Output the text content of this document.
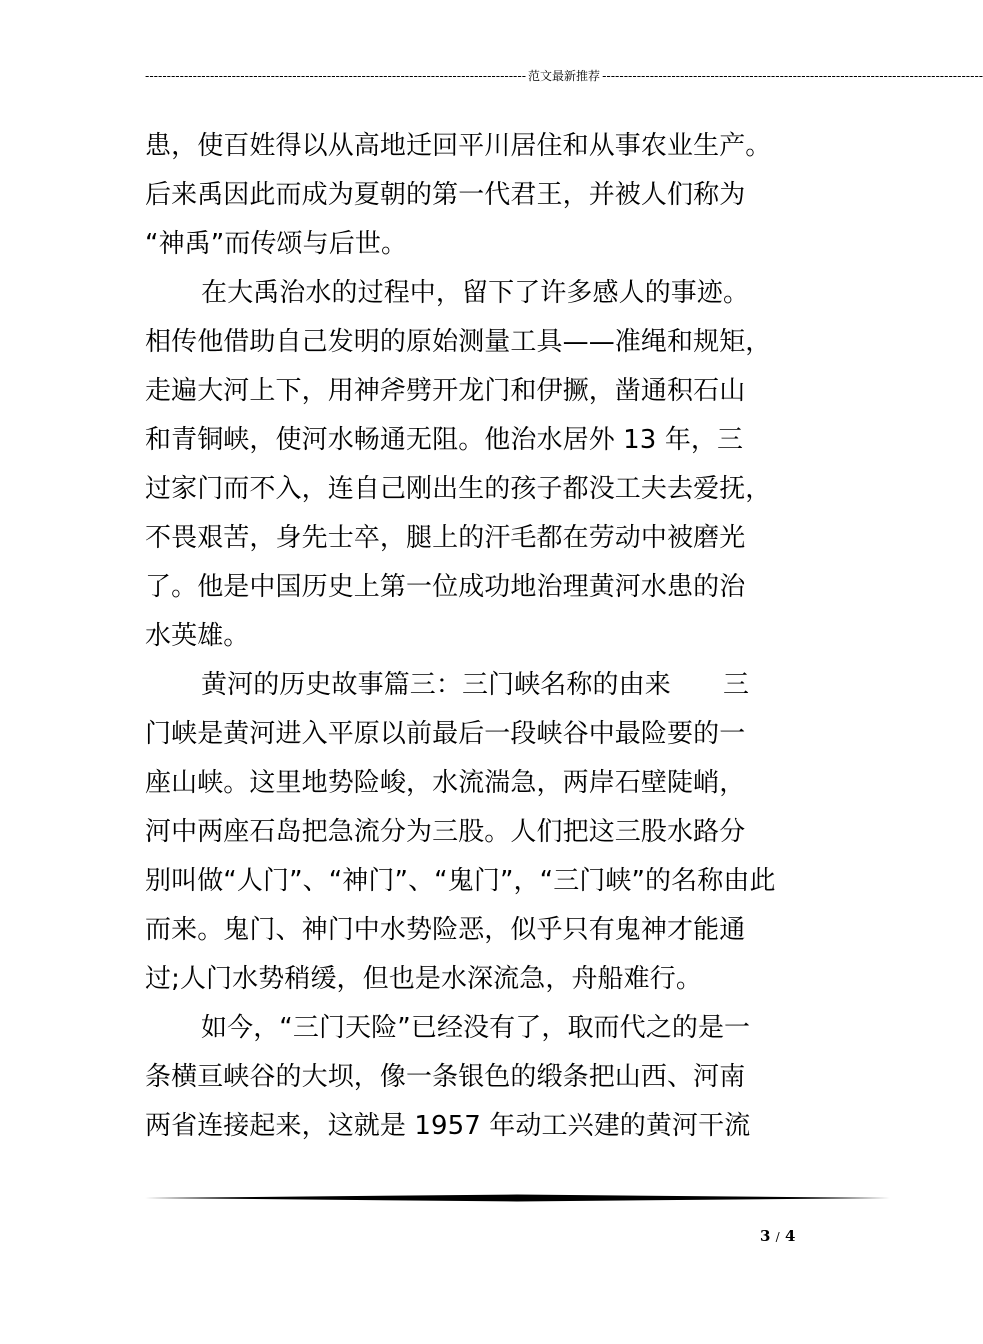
---------------------------------------------------------------------------------------- 范文最新推荐 ----------------------------------------------------------------------------------------
患，使百姓得以从高地迁回平川居住和从事农业生产。
后来禹因此而成为夏朝的第一代君王，并被人们称为
“神禹”而传颂与后世。
在大禹治水的过程中，留下了许多感人的事迹。
相传他借助自己发明的原始测量工具——准绳和规矩，
走遍大河上下，用神斧劈开龙门和伊撅，凿通积石山
和青铜峡，使河水畅通无阻。他治水居外 13 年，三
过家门而不入，连自己刚出生的孩子都没工夫去爱抚，
不畏艰苦，身先士卒，腿上的汗毛都在劳动中被磨光
了。他是中国历史上第一位成功地治理黄河水患的治
水英雄。
黄河的历史故事篇三：三门峡名称的由来　　三
门峡是黄河进入平原以前最后一段峡谷中最险要的一
座山峡。这里地势险峻，水流湍急，两岸石壁陡峭，
河中两座石岛把急流分为三股。人们把这三股水路分
别叫做“人门”、“神门”、“鬼门”，“三门峡”的名称由此
而来。鬼门、神门中水势险恶，似乎只有鬼神才能通
过;人门水势稍缓，但也是水深流急，舟船难行。
如今，“三门天险”已经没有了，取而代之的是一
条横亘峡谷的大坝，像一条银色的缎条把山西、河南
两省连接起来，这就是 1957 年动工兴建的黄河干流
3 / 4
